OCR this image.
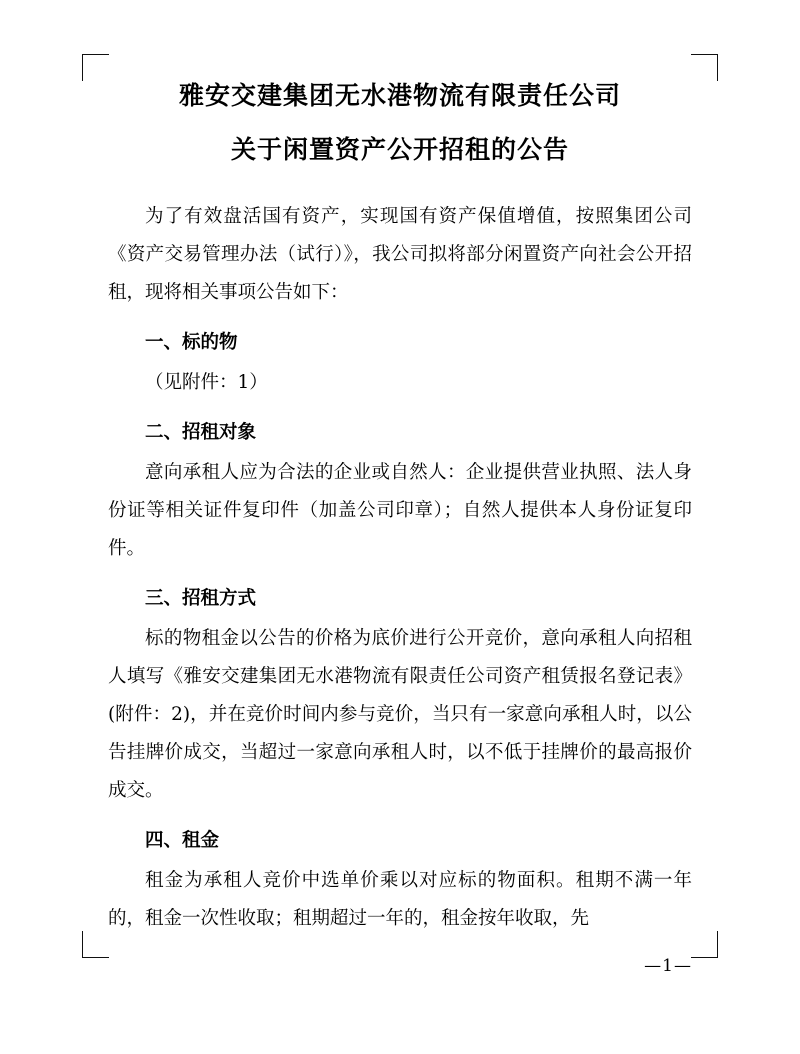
雅安交建集团无水港物流有限责任公司
关于闲置资产公开招租的公告

为了有效盘活国有资产，实现国有资产保值增值，按照集团公司《资产交易管理办法（试行）》，我公司拟将部分闲置资产向社会公开招租，现将相关事项公告如下：

一、标的物

（见附件：1）

二、招租对象

意向承租人应为合法的企业或自然人：企业提供营业执照、法人身份证等相关证件复印件（加盖公司印章）；自然人提供本人身份证复印件。

三、招租方式

标的物租金以公告的价格为底价进行公开竞价，意向承租人向招租人填写《雅安交建集团无水港物流有限责任公司资产租赁报名登记表》(附件：2)，并在竞价时间内参与竞价，当只有一家意向承租人时，以公告挂牌价成交，当超过一家意向承租人时，以不低于挂牌价的最高报价成交。

四、租金

租金为承租人竞价中选单价乘以对应标的物面积。租期不满一年的，租金一次性收取；租期超过一年的，租金按年收取，先

—1—
